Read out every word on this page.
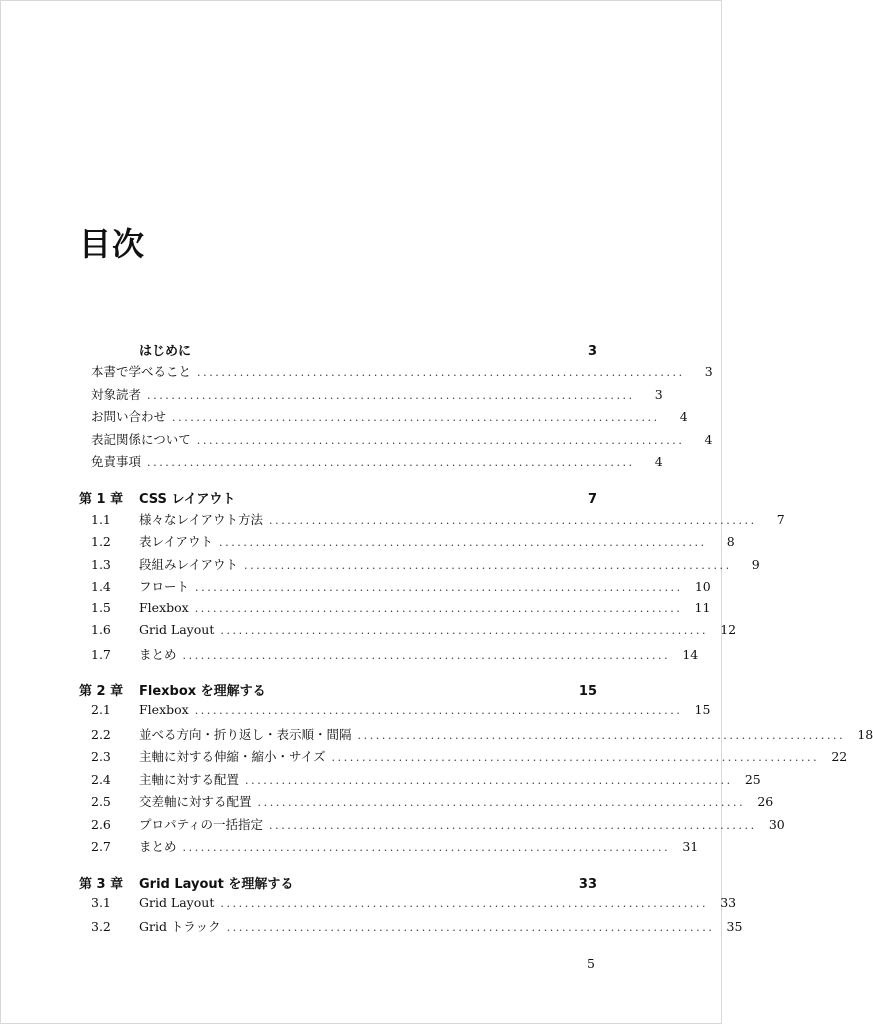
目次
はじめに	3
本書で学べること ................................................................................	3
対象読者 ................................................................................	3
お問い合わせ ................................................................................	4
表記関係について ................................................................................	4
免責事項 ................................................................................	4
第 1 章	CSS レイアウト	7
1.1	様々なレイアウト方法 ................................................................................	7
1.2	表レイアウト ................................................................................	8
1.3	段組みレイアウト ................................................................................	9
1.4	フロート ................................................................................ 10
1.5	Flexbox ................................................................................ 11
1.6	Grid Layout ................................................................................ 12
1.7	まとめ ................................................................................ 14
第 2 章	Flexbox を理解する	15
2.1	Flexbox ................................................................................ 15
2.2	並べる方向・折り返し・表示順・間隔 ................................................................................ 18
2.3	主軸に対する伸縮・縮小・サイズ ................................................................................ 22
2.4	主軸に対する配置 ................................................................................ 25
2.5	交差軸に対する配置 ................................................................................ 26
2.6	プロパティの一括指定 ................................................................................ 30
2.7	まとめ ................................................................................ 31
第 3 章	Grid Layout を理解する	33
3.1	Grid Layout ................................................................................ 33
3.2	Grid トラック ................................................................................ 35
5
